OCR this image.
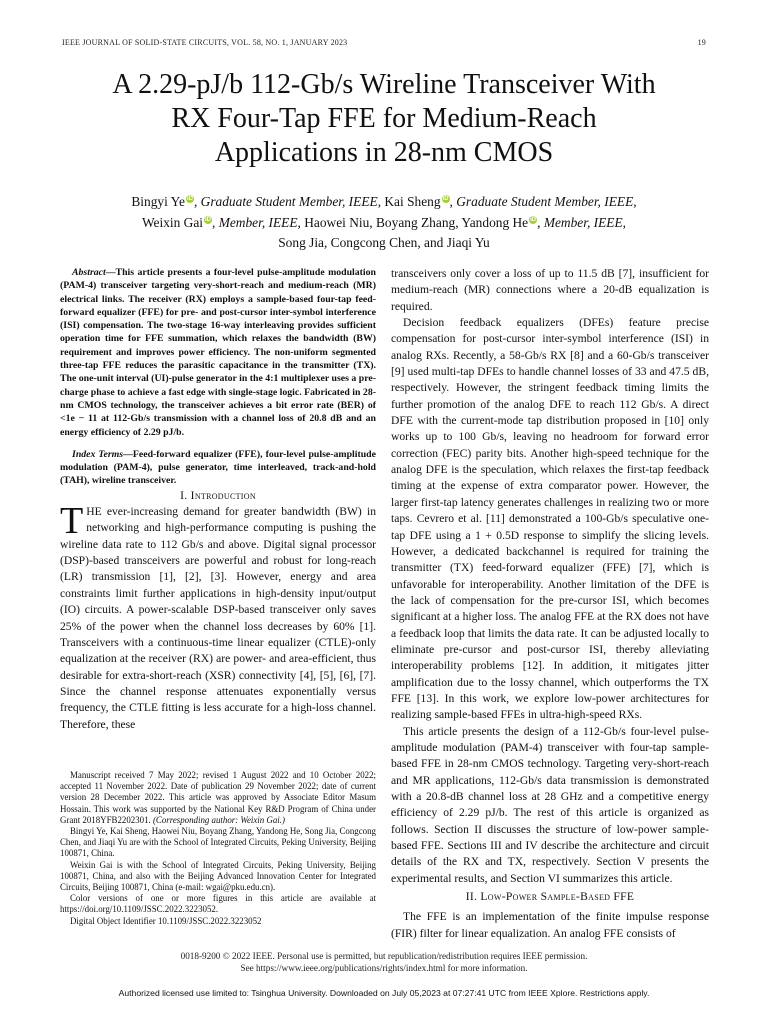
IEEE JOURNAL OF SOLID-STATE CIRCUITS, VOL. 58, NO. 1, JANUARY 2023	19
A 2.29-pJ/b 112-Gb/s Wireline Transceiver With
RX Four-Tap FFE for Medium-Reach
Applications in 28-nm CMOS
Bingyi Ye iD, Graduate Student Member, IEEE, Kai Sheng iD, Graduate Student Member, IEEE,
Weixin Gai iD, Member, IEEE, Haowei Niu, Boyang Zhang, Yandong He iD, Member, IEEE,
Song Jia, Congcong Chen, and Jiaqi Yu

Abstract—This article presents a four-level pulse-amplitude modulation (PAM-4) transceiver targeting very-short-reach and medium-reach (MR) electrical links. The receiver (RX) employs a sample-based four-tap feed-forward equalizer (FFE) for pre- and post-cursor inter-symbol interference (ISI) compensation. The two-stage 16-way interleaving provides sufficient operation time for FFE summation, which relaxes the bandwidth (BW) requirement and improves power efficiency. The non-uniform segmented three-tap FFE reduces the parasitic capacitance in the transmitter (TX). The one-unit interval (UI)-pulse generator in the 4:1 multiplexer uses a pre-charge phase to achieve a fast edge with single-stage logic. Fabricated in 28-nm CMOS technology, the transceiver achieves a bit error rate (BER) of <1e − 11 at 112-Gb/s transmission with a channel loss of 20.8 dB and an energy efficiency of 2.29 pJ/b.

Index Terms—Feed-forward equalizer (FFE), four-level pulse-amplitude modulation (PAM-4), pulse generator, time interleaved, track-and-hold (TAH), wireline transceiver.

I. Introduction

THE ever-increasing demand for greater bandwidth (BW) in networking and high-performance computing is pushing the wireline data rate to 112 Gb/s and above. Digital signal processor (DSP)-based transceivers are powerful and robust for long-reach (LR) transmission [1], [2], [3]. However, energy and area constraints limit further applications in high-density input/output (IO) circuits. A power-scalable DSP-based transceiver only saves 25% of the power when the channel loss decreases by 60% [1]. Transceivers with a continuous-time linear equalizer (CTLE)-only equalization at the receiver (RX) are power- and area-efficient, thus desirable for extra-short-reach (XSR) connectivity [4], [5], [6], [7]. Since the channel response attenuates exponentially versus frequency, the CTLE fitting is less accurate for a high-loss channel. Therefore, these

Manuscript received 7 May 2022; revised 1 August 2022 and 10 October 2022; accepted 11 November 2022. Date of publication 29 November 2022; date of current version 28 December 2022. This article was approved by Associate Editor Masum Hossain. This work was supported by the National Key R&D Program of China under Grant 2018YFB2202301. (Corresponding author: Weixin Gai.)

Bingyi Ye, Kai Sheng, Haowei Niu, Boyang Zhang, Yandong He, Song Jia, Congcong Chen, and Jiaqi Yu are with the School of Integrated Circuits, Peking University, Beijing 100871, China.

Weixin Gai is with the School of Integrated Circuits, Peking University, Beijing 100871, China, and also with the Beijing Advanced Innovation Center for Integrated Circuits, Beijing 100871, China (e-mail: wgai@pku.edu.cn).

Color versions of one or more figures in this article are available at https://doi.org/10.1109/JSSC.2022.3223052.

Digital Object Identifier 10.1109/JSSC.2022.3223052

transceivers only cover a loss of up to 11.5 dB [7], insufficient for medium-reach (MR) connections where a 20-dB equalization is required.

Decision feedback equalizers (DFEs) feature precise compensation for post-cursor inter-symbol interference (ISI) in analog RXs. Recently, a 58-Gb/s RX [8] and a 60-Gb/s transceiver [9] used multi-tap DFEs to handle channel losses of 33 and 47.5 dB, respectively. However, the stringent feedback timing limits the further promotion of the analog DFE to reach 112 Gb/s. A direct DFE with the current-mode tap distribution proposed in [10] only works up to 100 Gb/s, leaving no headroom for forward error correction (FEC) parity bits. Another high-speed technique for the analog DFE is the speculation, which relaxes the first-tap feedback timing at the expense of extra comparator power. However, the larger first-tap latency generates challenges in realizing two or more taps. Cevrero et al. [11] demonstrated a 100-Gb/s speculative one-tap DFE using a 1 + 0.5D response to simplify the slicing levels. However, a dedicated backchannel is required for training the transmitter (TX) feed-forward equalizer (FFE) [7], which is unfavorable for interoperability. Another limitation of the DFE is the lack of compensation for the pre-cursor ISI, which becomes significant at a higher loss. The analog FFE at the RX does not have a feedback loop that limits the data rate. It can be adjusted locally to eliminate pre-cursor and post-cursor ISI, thereby alleviating interoperability problems [12]. In addition, it mitigates jitter amplification due to the lossy channel, which outperforms the TX FFE [13]. In this work, we explore low-power architectures for realizing sample-based FFEs in ultra-high-speed RXs.

This article presents the design of a 112-Gb/s four-level pulse-amplitude modulation (PAM-4) transceiver with four-tap sample-based FFE in 28-nm CMOS technology. Targeting very-short-reach and MR applications, 112-Gb/s data transmission is demonstrated with a 20.8-dB channel loss at 28 GHz and a competitive energy efficiency of 2.29 pJ/b. The rest of this article is organized as follows. Section II discusses the structure of low-power sample-based FFE. Sections III and IV describe the architecture and circuit details of the RX and TX, respectively. Section V presents the experimental results, and Section VI summarizes this article.

II. Low-Power Sample-Based FFE

The FFE is an implementation of the finite impulse response (FIR) filter for linear equalization. An analog FFE consists of

0018-9200 © 2022 IEEE. Personal use is permitted, but republication/redistribution requires IEEE permission.
See https://www.ieee.org/publications/rights/index.html for more information.
Authorized licensed use limited to: Tsinghua University. Downloaded on July 05,2023 at 07:27:41 UTC from IEEE Xplore. Restrictions apply.
